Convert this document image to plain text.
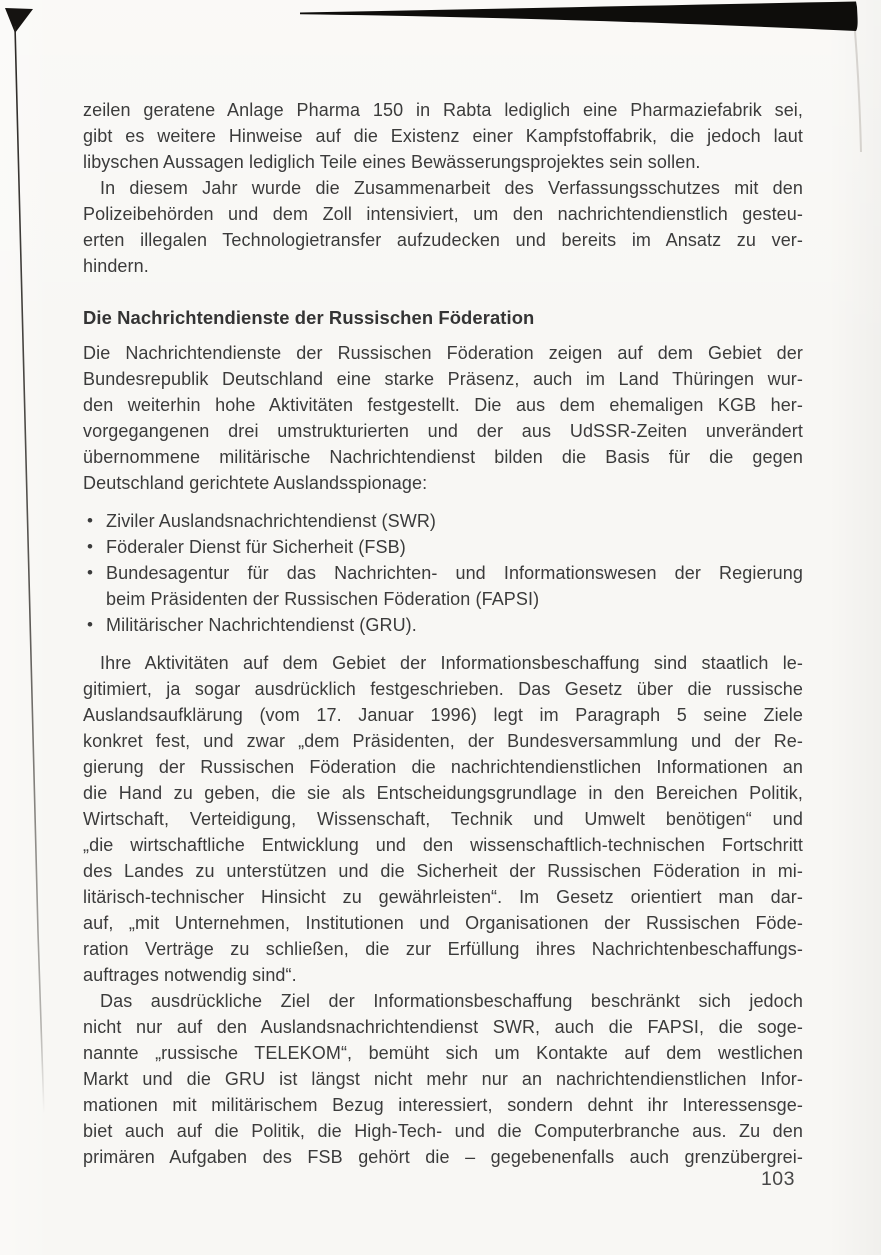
zeilen geratene Anlage Pharma 150 in Rabta lediglich eine Pharmaziefabrik sei,
gibt es weitere Hinweise auf die Existenz einer Kampfstoffabrik, die jedoch laut
libyschen Aussagen lediglich Teile eines Bewässerungsprojektes sein sollen.
In diesem Jahr wurde die Zusammenarbeit des Verfassungsschutzes mit den
Polizeibehörden und dem Zoll intensiviert, um den nachrichtendienstlich gesteu-
erten illegalen Technologietransfer aufzudecken und bereits im Ansatz zu ver-
hindern.
Die Nachrichtendienste der Russischen Föderation
Die Nachrichtendienste der Russischen Föderation zeigen auf dem Gebiet der
Bundesrepublik Deutschland eine starke Präsenz, auch im Land Thüringen wur-
den weiterhin hohe Aktivitäten festgestellt. Die aus dem ehemaligen KGB her-
vorgegangenen drei umstrukturierten und der aus UdSSR-Zeiten unverändert
übernommene militärische Nachrichtendienst bilden die Basis für die gegen
Deutschland gerichtete Auslandsspionage:
• Ziviler Auslandsnachrichtendienst (SWR)
• Föderaler Dienst für Sicherheit (FSB)
• Bundesagentur für das Nachrichten- und Informationswesen der Regierung
beim Präsidenten der Russischen Föderation (FAPSI)
• Militärischer Nachrichtendienst (GRU).
Ihre Aktivitäten auf dem Gebiet der Informationsbeschaffung sind staatlich le-
gitimiert, ja sogar ausdrücklich festgeschrieben. Das Gesetz über die russische
Auslandsaufklärung (vom 17. Januar 1996) legt im Paragraph 5 seine Ziele
konkret fest, und zwar „dem Präsidenten, der Bundesversammlung und der Re-
gierung der Russischen Föderation die nachrichtendienstlichen Informationen an
die Hand zu geben, die sie als Entscheidungsgrundlage in den Bereichen Politik,
Wirtschaft, Verteidigung, Wissenschaft, Technik und Umwelt benötigen“ und
„die wirtschaftliche Entwicklung und den wissenschaftlich-technischen Fortschritt
des Landes zu unterstützen und die Sicherheit der Russischen Föderation in mi-
litärisch-technischer Hinsicht zu gewährleisten“. Im Gesetz orientiert man dar-
auf, „mit Unternehmen, Institutionen und Organisationen der Russischen Föde-
ration Verträge zu schließen, die zur Erfüllung ihres Nachrichtenbeschaffungs-
auftrages notwendig sind“.
Das ausdrückliche Ziel der Informationsbeschaffung beschränkt sich jedoch
nicht nur auf den Auslandsnachrichtendienst SWR, auch die FAPSI, die soge-
nannte „russische TELEKOM“, bemüht sich um Kontakte auf dem westlichen
Markt und die GRU ist längst nicht mehr nur an nachrichtendienstlichen Infor-
mationen mit militärischem Bezug interessiert, sondern dehnt ihr Interessensge-
biet auch auf die Politik, die High-Tech- und die Computerbranche aus. Zu den
primären Aufgaben des FSB gehört die – gegebenenfalls auch grenzübergrei-
103
